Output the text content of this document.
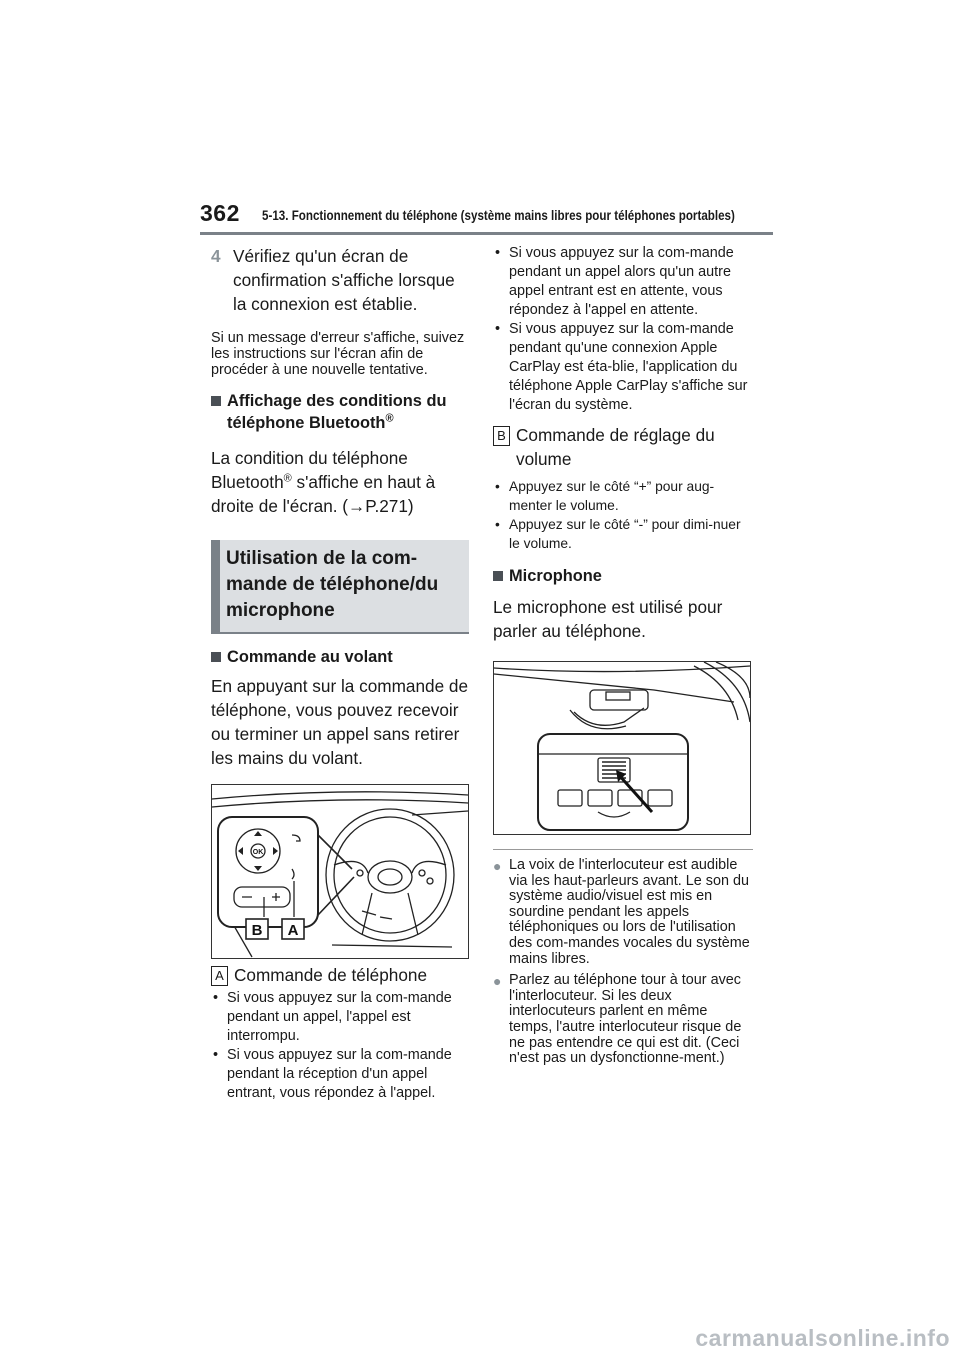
362 5-13. Fonctionnement du téléphone (système mains libres pour téléphones portables)
4 Vérifiez qu'un écran de confirmation s'affiche lorsque la connexion est établie.

Si un message d'erreur s'affiche, suivez les instructions sur l'écran afin de procéder à une nouvelle tentative.

Affichage des conditions du téléphone Bluetooth®

La condition du téléphone Bluetooth® s'affiche en haut à droite de l'écran. (→P.271)

Utilisation de la com-mande de téléphone/du microphone
Commande au volant

En appuyant sur la commande de téléphone, vous pouvez recevoir ou terminer un appel sans retirer les mains du volant.

B A
OK
A Commande de téléphone
• Si vous appuyez sur la com-mande pendant un appel, l'appel est interrompu.
• Si vous appuyez sur la com-mande pendant la réception d'un appel entrant, vous répondez à l'appel.
• Si vous appuyez sur la com-mande pendant un appel alors qu'un autre appel entrant est en attente, vous répondez à l'appel en attente.
• Si vous appuyez sur la com-mande pendant qu'une connexion Apple CarPlay est éta-blie, l'application du téléphone Apple CarPlay s'affiche sur l'écran du système.
B Commande de réglage du volume
• Appuyez sur le côté “+” pour aug-menter le volume.
• Appuyez sur le côté “-” pour dimi-nuer le volume.
Microphone

Le microphone est utilisé pour parler au téléphone.

● La voix de l'interlocuteur est audible via les haut-parleurs avant. Le son du système audio/visuel est mis en sourdine pendant les appels téléphoniques ou lors de l'utilisation des com-mandes vocales du système mains libres.
● Parlez au téléphone tour à tour avec l'interlocuteur. Si les deux interlocuteurs parlent en même temps, l'autre interlocuteur risque de ne pas entendre ce qui est dit. (Ceci n'est pas un dysfonctionne-ment.)
carmanualsonline.info
